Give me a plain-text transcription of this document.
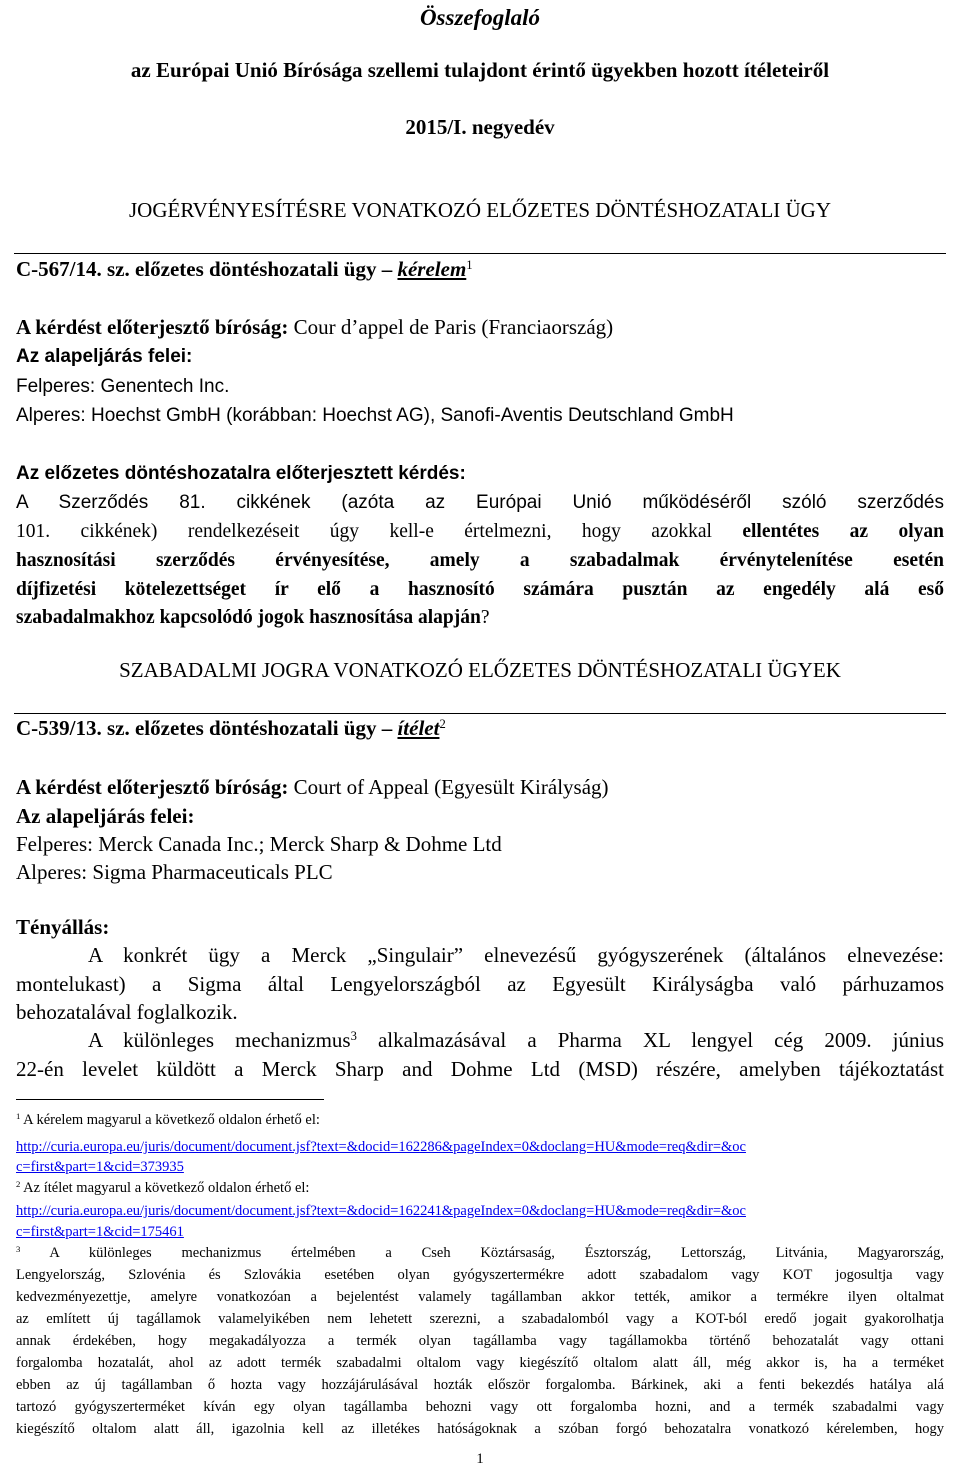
Összefoglaló
az Európai Unió Bírósága szellemi tulajdont érintő ügyekben hozott ítéleteiről
2015/I. negyedév
JOGÉRVÉNYESÍTÉSRE VONATKOZÓ ELŐZETES DÖNTÉSHOZATALI ÜGY
C-567/14. sz. előzetes döntéshozatali ügy – kérelem$^1$
A kérdést előterjesztő bíróság: Cour d’appel de Paris (Franciaország)
Az alapeljárás felei:
Felperes: Genentech Inc.
Alperes: Hoechst GmbH (korábban: Hoechst AG), Sanofi-Aventis Deutschland GmbH
Az előzetes döntéshozatalra előterjesztett kérdés:
A Szerződés 81. cikkének (azóta az Európai Unió működéséről szóló szerződés
101. cikkének) rendelkezéseit úgy kell-e értelmezni, hogy azokkal ellentétes az olyan
hasznosítási szerződés érvényesítése, amely a szabadalmak érvénytelenítése esetén
díjfizetési kötelezettséget ír elő a hasznosító számára pusztán az engedély alá eső
szabadalmakhoz kapcsolódó jogok hasznosítása alapján?
SZABADALMI JOGRA VONATKOZÓ ELŐZETES DÖNTÉSHOZATALI ÜGYEK
C-539/13. sz. előzetes döntéshozatali ügy – ítélet$^2$
A kérdést előterjesztő bíróság: Court of Appeal (Egyesült Királyság)
Az alapeljárás felei:
Felperes: Merck Canada Inc.; Merck Sharp & Dohme Ltd
Alperes: Sigma Pharmaceuticals PLC
Tényállás:
A konkrét ügy a Merck „Singulair” elnevezésű gyógyszerének (általános elnevezése:
montelukast) a Sigma által Lengyelországból az Egyesült Királyságba való párhuzamos
behozatalával foglalkozik.
A különleges mechanizmus$^3$ alkalmazásával a Pharma XL lengyel cég 2009. június
22-én levelet küldött a Merck Sharp and Dohme Ltd (MSD) részére, amelyben tájékoztatást
$^1$ A kérelem magyarul a következő oldalon érhető el:
http://curia.europa.eu/juris/document/document.jsf?text=&docid=162286&pageIndex=0&doclang=HU&mode=req&dir=&oc
c=first&part=1&cid=373935
$^2$ Az ítélet magyarul a következő oldalon érhető el:
http://curia.europa.eu/juris/document/document.jsf?text=&docid=162241&pageIndex=0&doclang=HU&mode=req&dir=&oc
c=first&part=1&cid=175461
$^3$ A különleges mechanizmus értelmében a Cseh Köztársaság, Észtország, Lettország, Litvánia, Magyarország,
Lengyelország, Szlovénia és Szlovákia esetében olyan gyógyszertermékre adott szabadalom vagy KOT jogosultja vagy
kedvezményezettje, amelyre vonatkozóan a bejelentést valamely tagállamban akkor tették, amikor a termékre ilyen oltalmat
az említett új tagállamok valamelyikében nem lehetett szerezni, a szabadalomból vagy a KOT-ból eredő jogait gyakorolhatja
annak érdekében, hogy megakadályozza a termék olyan tagállamba vagy tagállamokba történő behozatalát vagy ottani
forgalomba hozatalát, ahol az adott termék szabadalmi oltalom vagy kiegészítő oltalom alatt áll, még akkor is, ha a terméket
ebben az új tagállamban ő hozta vagy hozzájárulásával hozták először forgalomba. Bárkinek, aki a fenti bekezdés hatálya alá
tartozó gyógyszerterméket kíván egy olyan tagállamba behozni vagy ott forgalomba hozni, and a termék szabadalmi vagy
kiegészítő oltalom alatt áll, igazolnia kell az illetékes hatóságoknak a szóban forgó behozatalra vonatkozó kérelemben, hogy
1
